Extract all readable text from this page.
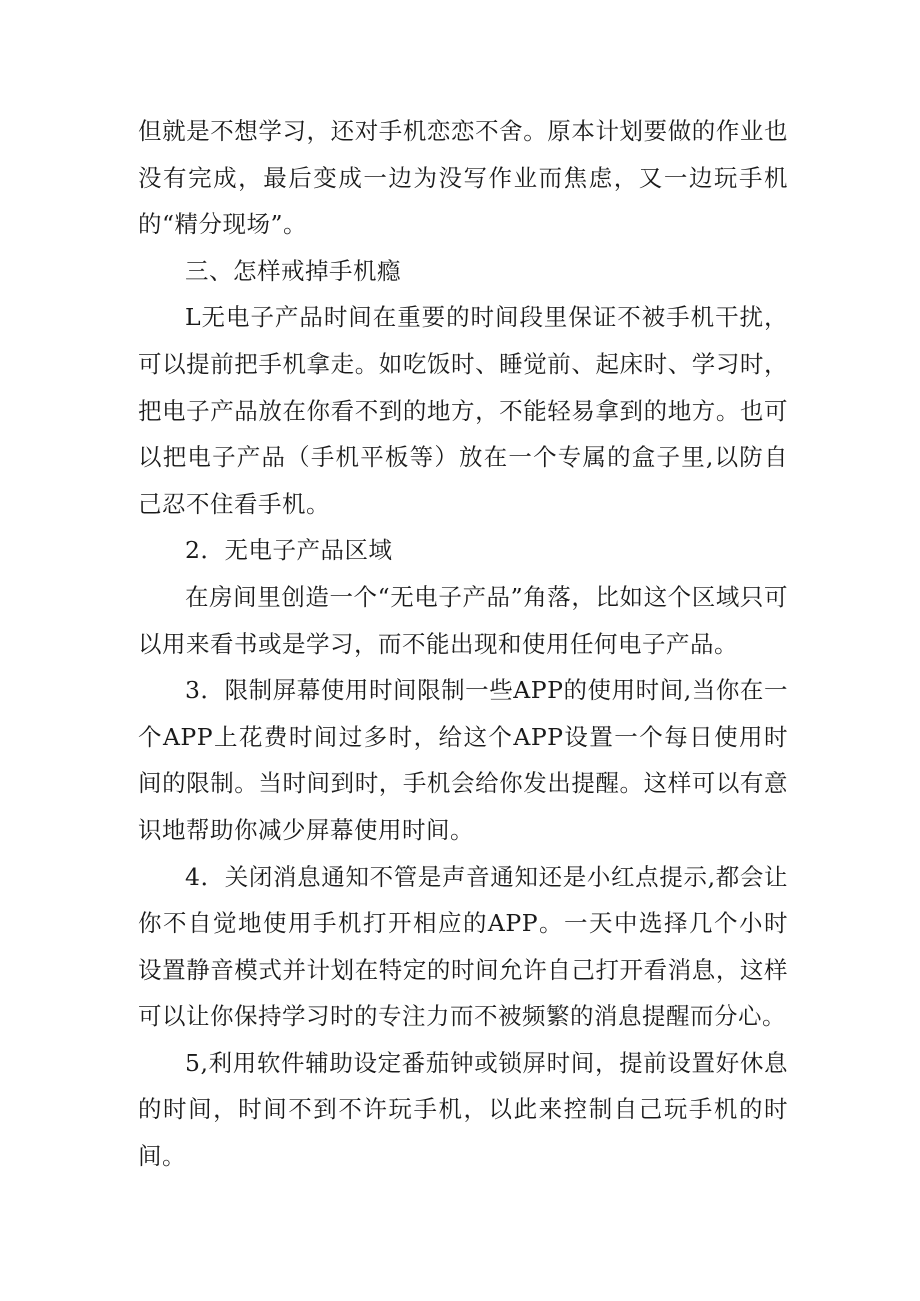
但就是不想学习，还对手机恋恋不舍。原本计划要做的作业也没有完成，最后变成一边为没写作业而焦虑，又一边玩手机的“精分现场”。

三、怎样戒掉手机瘾

L无电子产品时间在重要的时间段里保证不被手机干扰，可以提前把手机拿走。如吃饭时、睡觉前、起床时、学习时，把电子产品放在你看不到的地方，不能轻易拿到的地方。也可以把电子产品（手机平板等）放在一个专属的盒子里,以防自己忍不住看手机。

2．无电子产品区域

在房间里创造一个“无电子产品”角落，比如这个区域只可以用来看书或是学习，而不能出现和使用任何电子产品。

3．限制屏幕使用时间限制一些APP的使用时间,当你在一个APP上花费时间过多时，给这个APP设置一个每日使用时间的限制。当时间到时，手机会给你发出提醒。这样可以有意识地帮助你减少屏幕使用时间。

4．关闭消息通知不管是声音通知还是小红点提示,都会让你不自觉地使用手机打开相应的APP。一天中选择几个小时设置静音模式并计划在特定的时间允许自己打开看消息，这样可以让你保持学习时的专注力而不被频繁的消息提醒而分心。

5,利用软件辅助设定番茄钟或锁屏时间，提前设置好休息的时间，时间不到不许玩手机，以此来控制自己玩手机的时间。
